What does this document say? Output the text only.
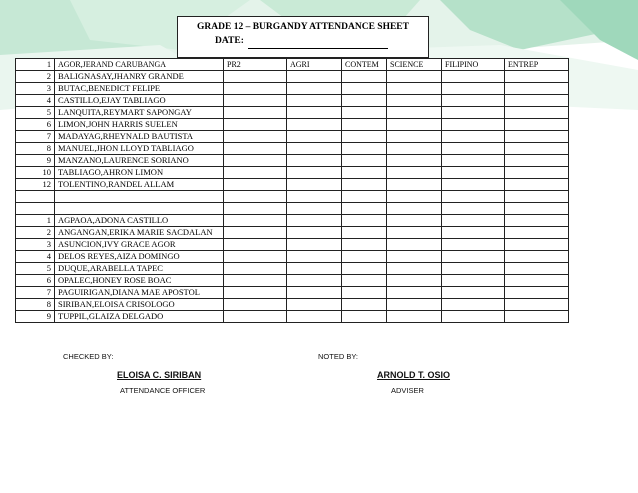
GRADE 12 – BURGANDY ATTENDANCE SHEET
DATE:
1	AGOR,JERAND CARUBANGA	PR2	AGRI	CONTEM	SCIENCE	FILIPINO	ENTREP
2	BALIGNASAY,JHANRY GRANDE						
3	BUTAC,BENEDICT FELIPE						
4	CASTILLO,EJAY TABLIAGO						
5	LANQUITA,REYMART SAPONGAY						
6	LIMON,JOHN HARRIS SUELEN						
7	MADAYAG,RHEYNALD BAUTISTA						
8	MANUEL,JHON LLOYD TABLIAGO						
9	MANZANO,LAURENCE SORIANO						
10	TABLIAGO,AHRON LIMON						
12	TOLENTINO,RANDEL ALLAM						

1	AGPAOA,ADONA CASTILLO						
2	ANGANGAN,ERIKA MARIE SACDALAN						
3	ASUNCION,IVY GRACE AGOR						
4	DELOS REYES,AIZA DOMINGO						
5	DUQUE,ARABELLA TAPEC						
6	OPALEC,HONEY ROSE BOAC						
7	PAGUIRIGAN,DIANA MAE APOSTOL						
8	SIRIBAN,ELOISA CRISOLOGO						
9	TUPPIL,GLAIZA DELGADO						
CHECKED BY:	NOTED BY:
ELOISA C. SIRIBAN
ATTENDANCE OFFICER
ARNOLD T. OSIO
ADVISER
